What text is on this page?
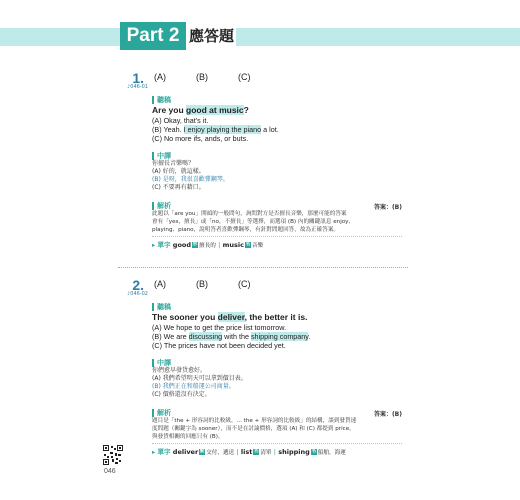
Part 2 應答題
1.
♪046-01
(A)	(B)	(C)
聽稿
Are you good at music?
(A) Okay, that's it.
(B) Yeah. I enjoy playing the piano a lot.
(C) No more ifs, ands, or buts.
中譯
你擅長音樂嗎？
(A) 好的，就這樣。
(B) 是呀，我很喜歡彈鋼琴。
(C) 不要再有藉口。
解析	答案：(B)
此題以「are you」開頭的一般問句，詢問對方是否擅長音樂，那麼可能的答案
會有「yes，擅長」或「no，不擅長」等選擇，而選項 (B) 內的關鍵訊息 enjoy、
playing、piano，說明答者喜歡彈鋼琴，有針對問題回答，故為正確答案。
▸ 單字 good 形 擅長的 | music 名 音樂
2.
♪046-02
(A)	(B)	(C)
聽稿
The sooner you deliver, the better it is.
(A) We hope to get the price list tomorrow.
(B) We are discussing with the shipping company.
(C) The prices have not been decided yet.
中譯
你們愈早發貨愈好。
(A) 我們希望明天可以拿到價目表。
(B) 我們正在和船運公司商量。
(C) 價格還沒有決定。
解析	答案：(B)
題目是「the + 形容詞的比較級，... the + 形容詞的比較級」的結構，談到發貨速
度問題（關鍵字為 sooner），而不是在討論價格，選項 (A) 和 (C) 都提到 price，
與發貨相關的回應只有 (B)。
▸ 單字 deliver 動 交付，遞送 | list 名 清單 | shipping 名 船舶，海運
046
